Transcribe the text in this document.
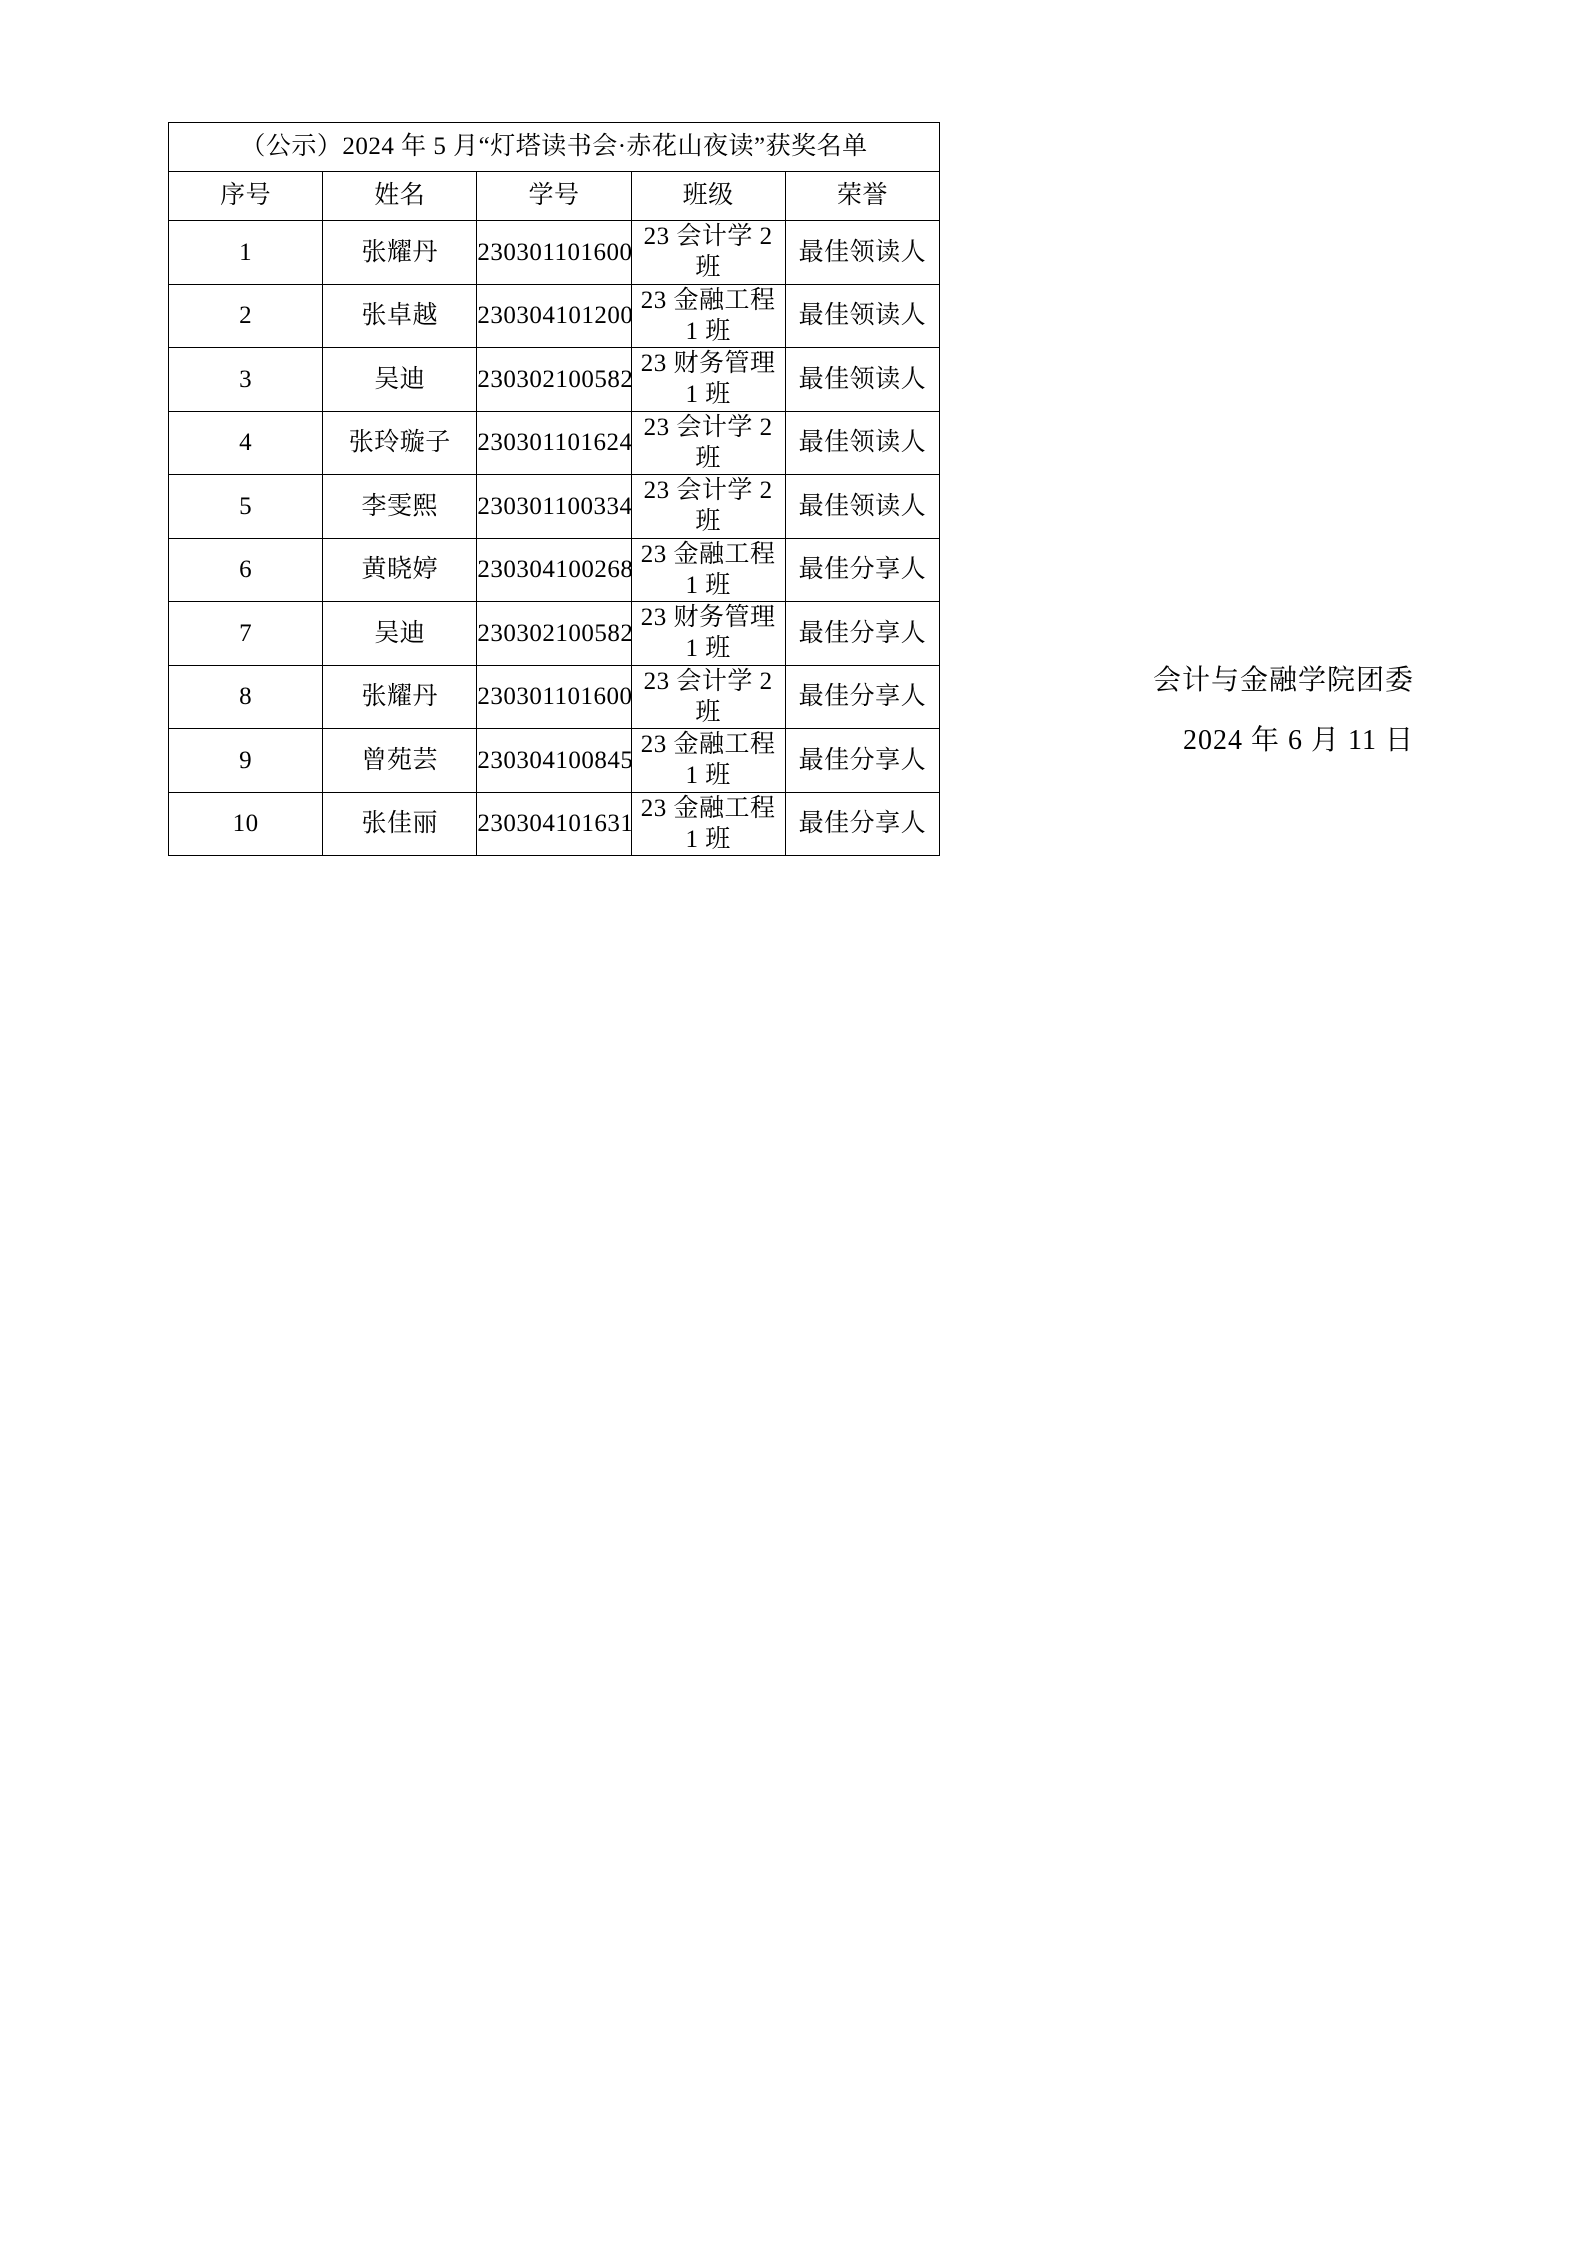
（公示）2024 年 5 月“灯塔读书会·赤花山夜读”获奖名单				
序号	姓名	学号	班级	荣誉
1	张耀丹	230301101600	23 会计学 2 班	最佳领读人
2	张卓越	230304101200	23 金融工程 1 班	最佳领读人
3	吴迪	230302100582	23 财务管理 1 班	最佳领读人
4	张玲璇子	230301101624	23 会计学 2 班	最佳领读人
5	李雯熙	230301100334	23 会计学 2 班	最佳领读人
6	黄晓婷	230304100268	23 金融工程 1 班	最佳分享人
7	吴迪	230302100582	23 财务管理 1 班	最佳分享人
8	张耀丹	230301101600	23 会计学 2 班	最佳分享人
9	曾苑芸	230304100845	23 金融工程 1 班	最佳分享人
10	张佳丽	230304101631	23 金融工程 1 班	最佳分享人
会计与金融学院团委
2024 年 6 月 11 日
